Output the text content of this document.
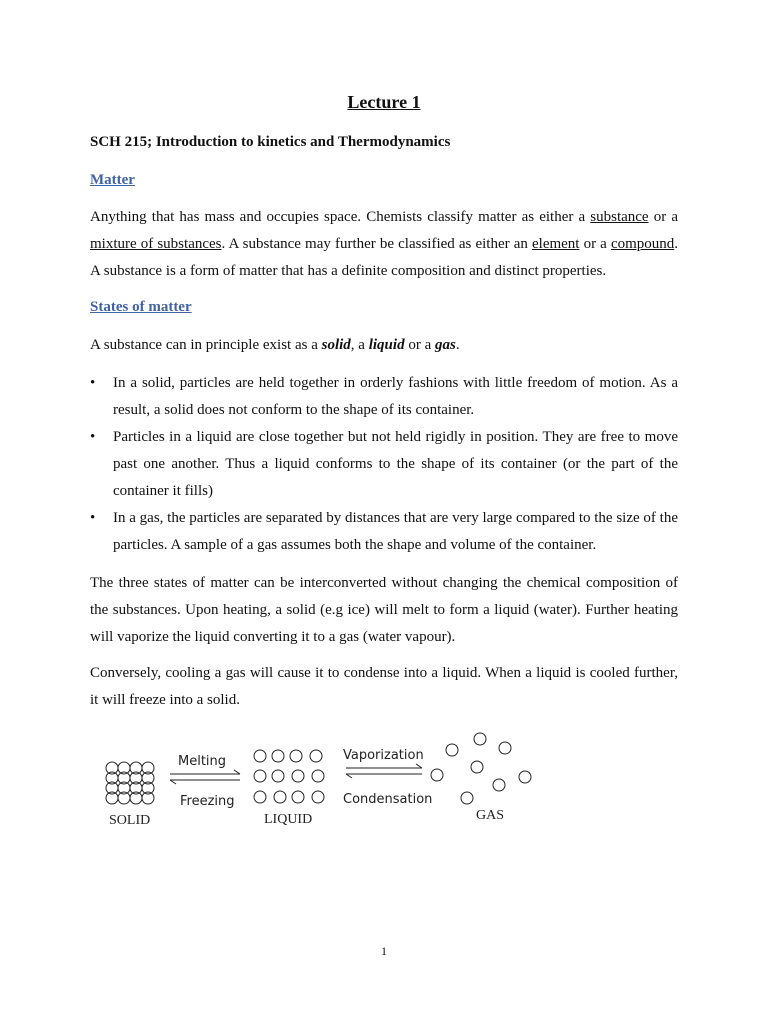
Lecture 1
SCH 215; Introduction to kinetics and Thermodynamics
Matter
Anything that has mass and occupies space. Chemists classify matter as either a substance or a mixture of substances. A substance may further be classified as either an element or a compound. A substance is a form of matter that has a definite composition and distinct properties.
States of matter
A substance can in principle exist as a solid, a liquid or a gas.
• In a solid, particles are held together in orderly fashions with little freedom of motion. As a result, a solid does not conform to the shape of its container.
• Particles in a liquid are close together but not held rigidly in position. They are free to move past one another. Thus a liquid conforms to the shape of its container (or the part of the container it fills)
• In a gas, the particles are separated by distances that are very large compared to the size of the particles. A sample of a gas assumes both the shape and volume of the container.
The three states of matter can be interconverted without changing the chemical composition of the substances. Upon heating, a solid (e.g ice) will melt to form a liquid (water). Further heating will vaporize the liquid converting it to a gas (water vapour).
Conversely, cooling a gas will cause it to condense into a liquid. When a liquid is cooled further, it will freeze into a solid.
SOLID
Melting
Freezing
LIQUID
Vaporization
Condensation
GAS
1
